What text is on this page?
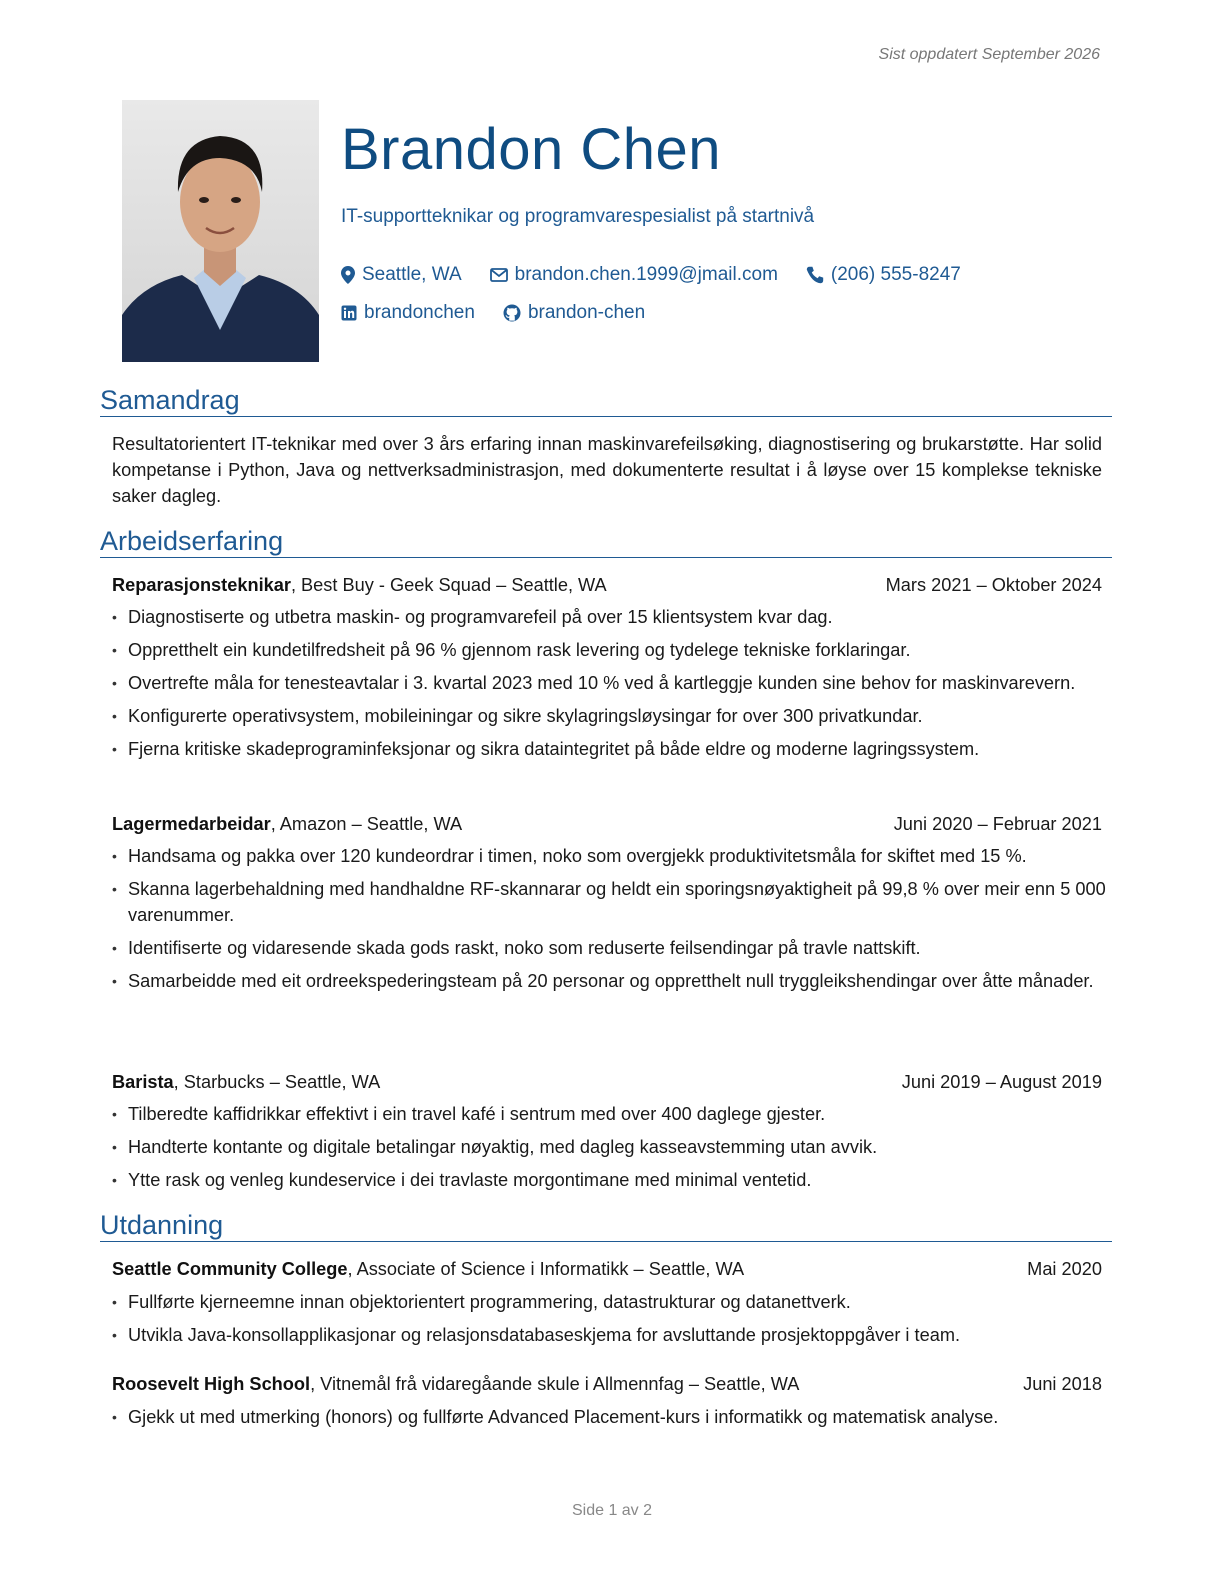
Sist oppdatert September 2026
Brandon Chen
IT-supportteknikar og programvarespesialist på startnivå
Seattle, WA	brandon.chen.1999@jmail.com	(206) 555-8247
brandonchen	brandon-chen
Samandrag
Resultatorientert IT-teknikar med over 3 års erfaring innan maskinvarefeilsøking, diagnostisering og brukarstøtte. Har solid kompetanse i Python, Java og nettverksadministrasjon, med dokumenterte resultat i å løyse over 15 komplekse tekniske saker dagleg.
Arbeidserfaring
Reparasjonsteknikar, Best Buy - Geek Squad – Seattle, WA	Mars 2021 – Oktober 2024
• Diagnostiserte og utbetra maskin- og programvarefeil på over 15 klientsystem kvar dag.
• Oppretthelt ein kundetilfredsheit på 96 % gjennom rask levering og tydelege tekniske forklaringar.
• Overtrefte måla for tenesteavtalar i 3. kvartal 2023 med 10 % ved å kartleggje kunden sine behov for maskinvarevern.
• Konfigurerte operativsystem, mobileiningar og sikre skylagringsløysingar for over 300 privatkundar.
• Fjerna kritiske skadeprograminfeksjonar og sikra dataintegritet på både eldre og moderne lagringssystem.
Lagermedarbeidar, Amazon – Seattle, WA	Juni 2020 – Februar 2021
• Handsama og pakka over 120 kundeordrar i timen, noko som overgjekk produktivitetsmåla for skiftet med 15 %.
• Skanna lagerbehaldning med handhaldne RF-skannarar og heldt ein sporingsnøyaktigheit på 99,8 % over meir enn 5 000 varenummer.
• Identifiserte og vidaresende skada gods raskt, noko som reduserte feilsendingar på travle nattskift.
• Samarbeidde med eit ordreekspederingsteam på 20 personar og oppretthelt null tryggleikshendingar over åtte månader.
Barista, Starbucks – Seattle, WA	Juni 2019 – August 2019
• Tilberedte kaffidrikkar effektivt i ein travel kafé i sentrum med over 400 daglege gjester.
• Handterte kontante og digitale betalingar nøyaktig, med dagleg kasseavstemming utan avvik.
• Ytte rask og venleg kundeservice i dei travlaste morgontimane med minimal ventetid.
Utdanning
Seattle Community College, Associate of Science i Informatikk – Seattle, WA	Mai 2020
• Fullførte kjerneemne innan objektorientert programmering, datastrukturar og datanettverk.
• Utvikla Java-konsollapplikasjonar og relasjonsdatabaseskjema for avsluttande prosjektoppgåver i team.
Roosevelt High School, Vitnemål frå vidaregåande skule i Allmennfag – Seattle, WA	Juni 2018
• Gjekk ut med utmerking (honors) og fullførte Advanced Placement-kurs i informatikk og matematisk analyse.
Side 1 av 2
